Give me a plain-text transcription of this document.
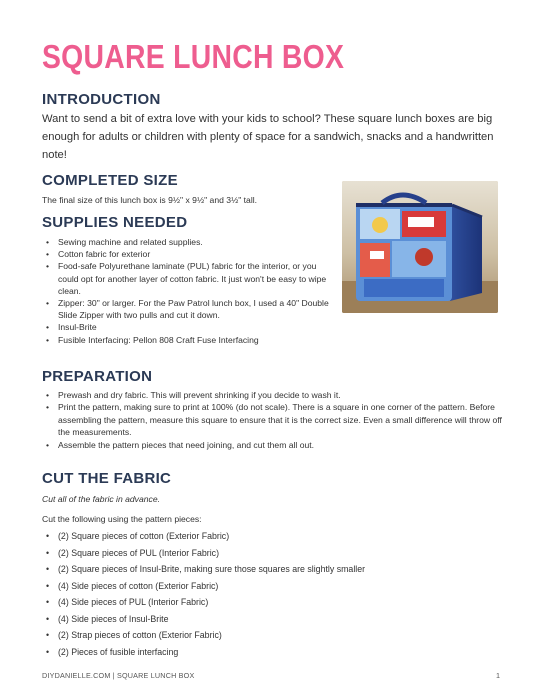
SQUARE LUNCH BOX
INTRODUCTION

Want to send a bit of extra love with your kids to school? These square lunch boxes are big enough for adults or children with plenty of space for a sandwich, snacks and a handwritten note!

COMPLETED SIZE

The final size of this lunch box is 9½" x 9½" and 3½" tall.

SUPPLIES NEEDED
• Sewing machine and related supplies.
• Cotton fabric for exterior
• Food-safe Polyurethane laminate (PUL) fabric for the interior, or you could opt for another layer of cotton fabric. It just won't be easy to wipe clean.
• Zipper: 30" or larger. For the Paw Patrol lunch box, I used a 40" Double Slide Zipper with two pulls and cut it down.
• Insul-Brite
• Fusible Interfacing: Pellon 808 Craft Fuse Interfacing
PREPARATION
• Prewash and dry fabric. This will prevent shrinking if you decide to wash it.
• Print the pattern, making sure to print at 100% (do not scale). There is a square in one corner of the pattern. Before assembling the pattern, measure this square to ensure that it is the correct size. Even a small difference will throw off the measurements.
• Assemble the pattern pieces that need joining, and cut them all out.
CUT THE FABRIC

Cut all of the fabric in advance.

Cut the following using the pattern pieces:

• (2) Square pieces of cotton (Exterior Fabric)
• (2) Square pieces of PUL (Interior Fabric)
• (2) Square pieces of Insul-Brite, making sure those squares are slightly smaller
• (4) Side pieces of cotton (Exterior Fabric)
• (4) Side pieces of PUL (Interior Fabric)
• (4) Side pieces of Insul-Brite
• (2) Strap pieces of cotton (Exterior Fabric)
• (2) Pieces of fusible interfacing
DIYDANIELLE.COM | SQUARE LUNCH BOX	1
